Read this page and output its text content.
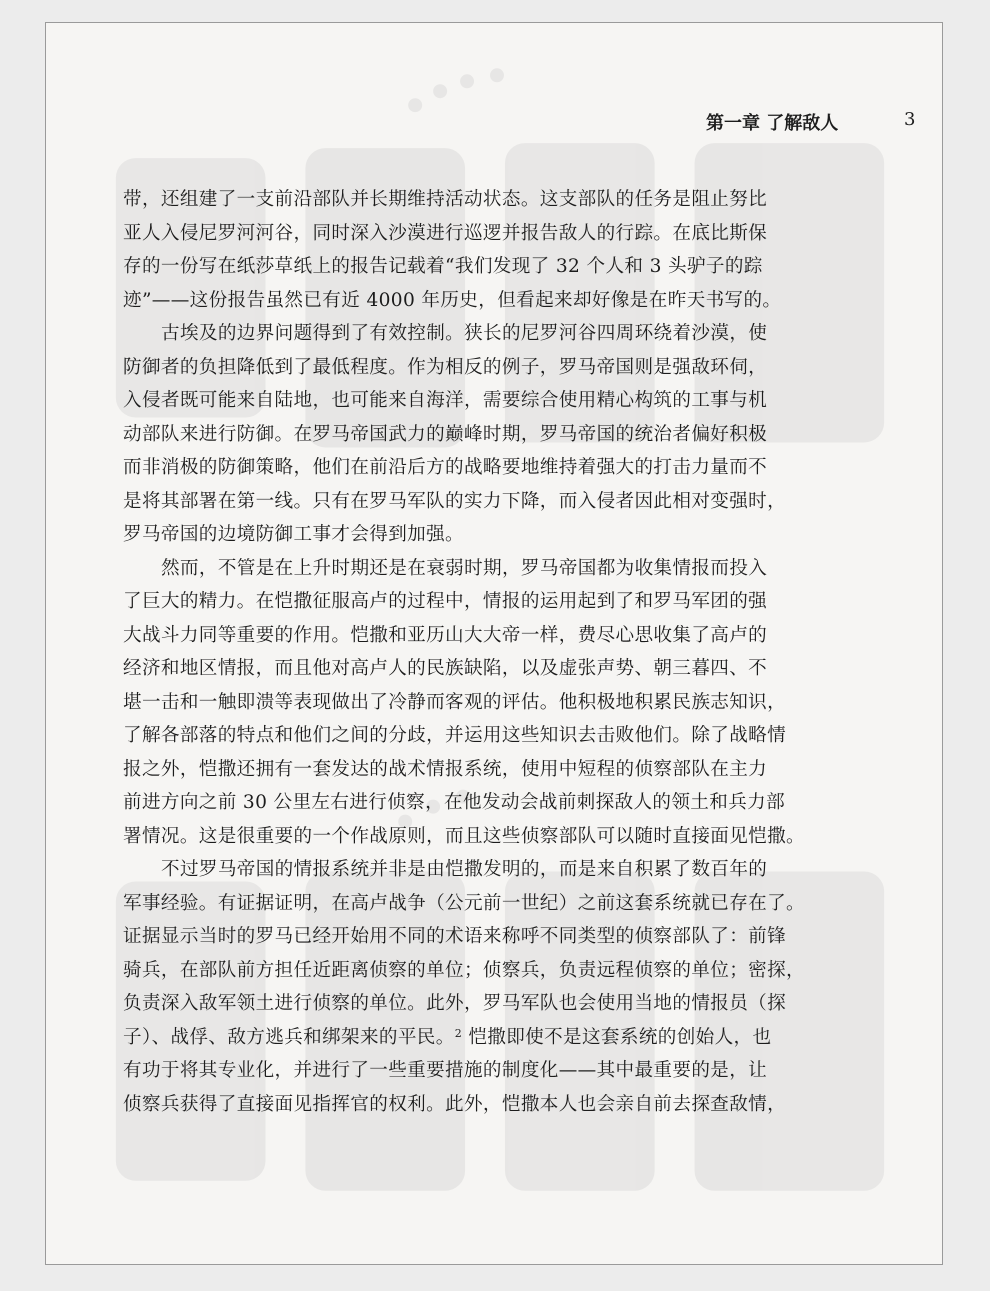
第一章 了解敌人	3
带，还组建了一支前沿部队并长期维持活动状态。这支部队的任务是阻止努比
亚人入侵尼罗河河谷，同时深入沙漠进行巡逻并报告敌人的行踪。在底比斯保
存的一份写在纸莎草纸上的报告记载着“我们发现了 32 个人和 3 头驴子的踪
迹”——这份报告虽然已有近 4000 年历史，但看起来却好像是在昨天书写的。
古埃及的边界问题得到了有效控制。狭长的尼罗河谷四周环绕着沙漠，使
防御者的负担降低到了最低程度。作为相反的例子，罗马帝国则是强敌环伺，
入侵者既可能来自陆地，也可能来自海洋，需要综合使用精心构筑的工事与机
动部队来进行防御。在罗马帝国武力的巅峰时期，罗马帝国的统治者偏好积极
而非消极的防御策略，他们在前沿后方的战略要地维持着强大的打击力量而不
是将其部署在第一线。只有在罗马军队的实力下降，而入侵者因此相对变强时，
罗马帝国的边境防御工事才会得到加强。
然而，不管是在上升时期还是在衰弱时期，罗马帝国都为收集情报而投入
了巨大的精力。在恺撒征服高卢的过程中，情报的运用起到了和罗马军团的强
大战斗力同等重要的作用。恺撒和亚历山大大帝一样，费尽心思收集了高卢的
经济和地区情报，而且他对高卢人的民族缺陷，以及虚张声势、朝三暮四、不
堪一击和一触即溃等表现做出了冷静而客观的评估。他积极地积累民族志知识，
了解各部落的特点和他们之间的分歧，并运用这些知识去击败他们。除了战略情
报之外，恺撒还拥有一套发达的战术情报系统，使用中短程的侦察部队在主力
前进方向之前 30 公里左右进行侦察，在他发动会战前刺探敌人的领土和兵力部
署情况。这是很重要的一个作战原则，而且这些侦察部队可以随时直接面见恺撒。
不过罗马帝国的情报系统并非是由恺撒发明的，而是来自积累了数百年的
军事经验。有证据证明，在高卢战争（公元前一世纪）之前这套系统就已存在了。
证据显示当时的罗马已经开始用不同的术语来称呼不同类型的侦察部队了：前锋
骑兵，在部队前方担任近距离侦察的单位；侦察兵，负责远程侦察的单位；密探，
负责深入敌军领土进行侦察的单位。此外，罗马军队也会使用当地的情报员（探
子）、战俘、敌方逃兵和绑架来的平民。$^2$ 恺撒即使不是这套系统的创始人，也
有功于将其专业化，并进行了一些重要措施的制度化——其中最重要的是，让
侦察兵获得了直接面见指挥官的权利。此外，恺撒本人也会亲自前去探查敌情，
